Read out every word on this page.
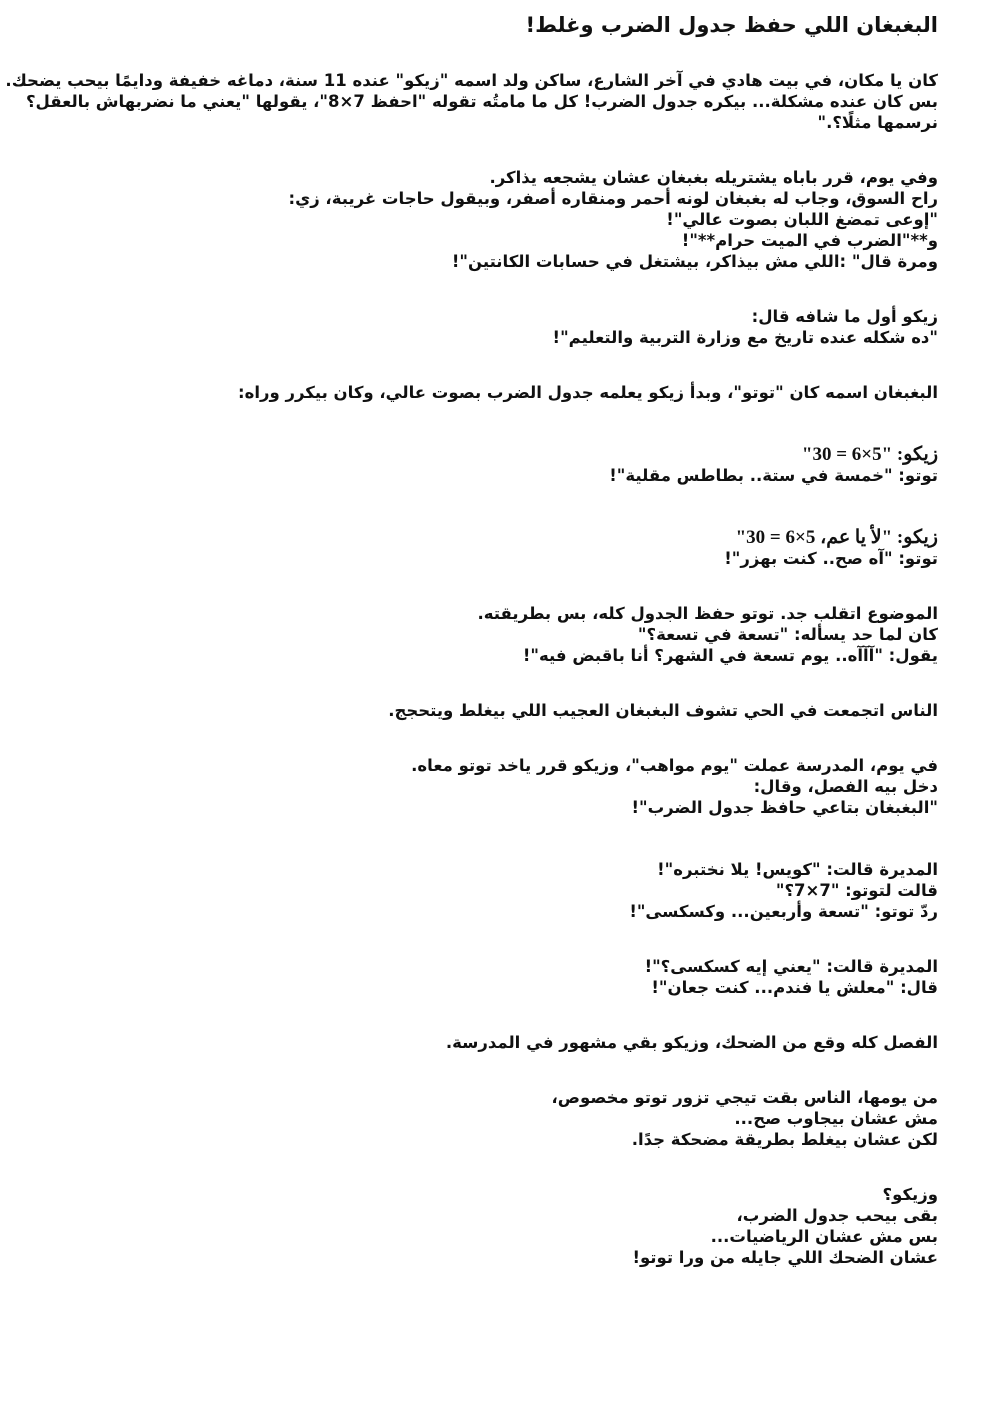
البغبغان اللي حفظ جدول الضرب وغلط!
كان يا مكان، في بيت هادي في آخر الشارع، ساكن ولد اسمه "زيكو" عنده 11 سنة، دماغه خفيفة ودايمًا بيحب يضحك.
بس كان عنده مشكلة... بيكره جدول الضرب! كل ما مامتُه تقوله "احفظ 7×8"، يقولها "يعني ما نضربهاش بالعقل؟
نرسمها مثلًا؟."
وفي يوم، قرر باباه يشتريله بغبغان عشان يشجعه يذاكر.
راح السوق، وجاب له بغبغان لونه أحمر ومنقاره أصفر، وبيقول حاجات غريبة، زي:
"إوعى تمضغ اللبان بصوت عالي"!
و**"الضرب في الميت حرام**"!
ومرة قال" :اللي مش بيذاكر، بيشتغل في حسابات الكانتين"!
زيكو أول ما شافه قال:
"ده شكله عنده تاريخ مع وزارة التربية والتعليم"!
البغبغان اسمه كان "توتو"، وبدأ زيكو يعلمه جدول الضرب بصوت عالي، وكان بيكرر وراه:
زيكو: "5×6 = 30"
توتو: "خمسة في ستة.. بطاطس مقلية"!
زيكو: "لأ يا عم، 5×6 = 30"
توتو: "آه صح.. كنت بهزر"!
الموضوع اتقلب جد. توتو حفظ الجدول كله، بس بطريقته.
كان لما حد يسأله: "تسعة في تسعة؟"
يقول: "آآآه.. يوم تسعة في الشهر؟ أنا باقبض فيه"!
الناس اتجمعت في الحي تشوف البغبغان العجيب اللي بيغلط ويتحجج.
في يوم، المدرسة عملت "يوم مواهب"، وزيكو قرر ياخد توتو معاه.
دخل بيه الفصل، وقال:
"البغبغان بتاعي حافظ جدول الضرب"!
المديرة قالت: "كويس! يلا نختبره"!
قالت لتوتو: "7×7؟"
ردّ توتو: "تسعة وأربعين... وكسكسى"!
المديرة قالت: "يعني إيه كسكسى؟"!
قال: "معلش يا فندم... كنت جعان"!
الفصل كله وقع من الضحك، وزيكو بقي مشهور في المدرسة.
من يومها، الناس بقت تيجي تزور توتو مخصوص،
مش عشان بيجاوب صح...
لكن عشان بيغلط بطريقة مضحكة جدًا.
وزيكو؟
بقى بيحب جدول الضرب،
بس مش عشان الرياضيات...
عشان الضحك اللي جايله من ورا توتو!
